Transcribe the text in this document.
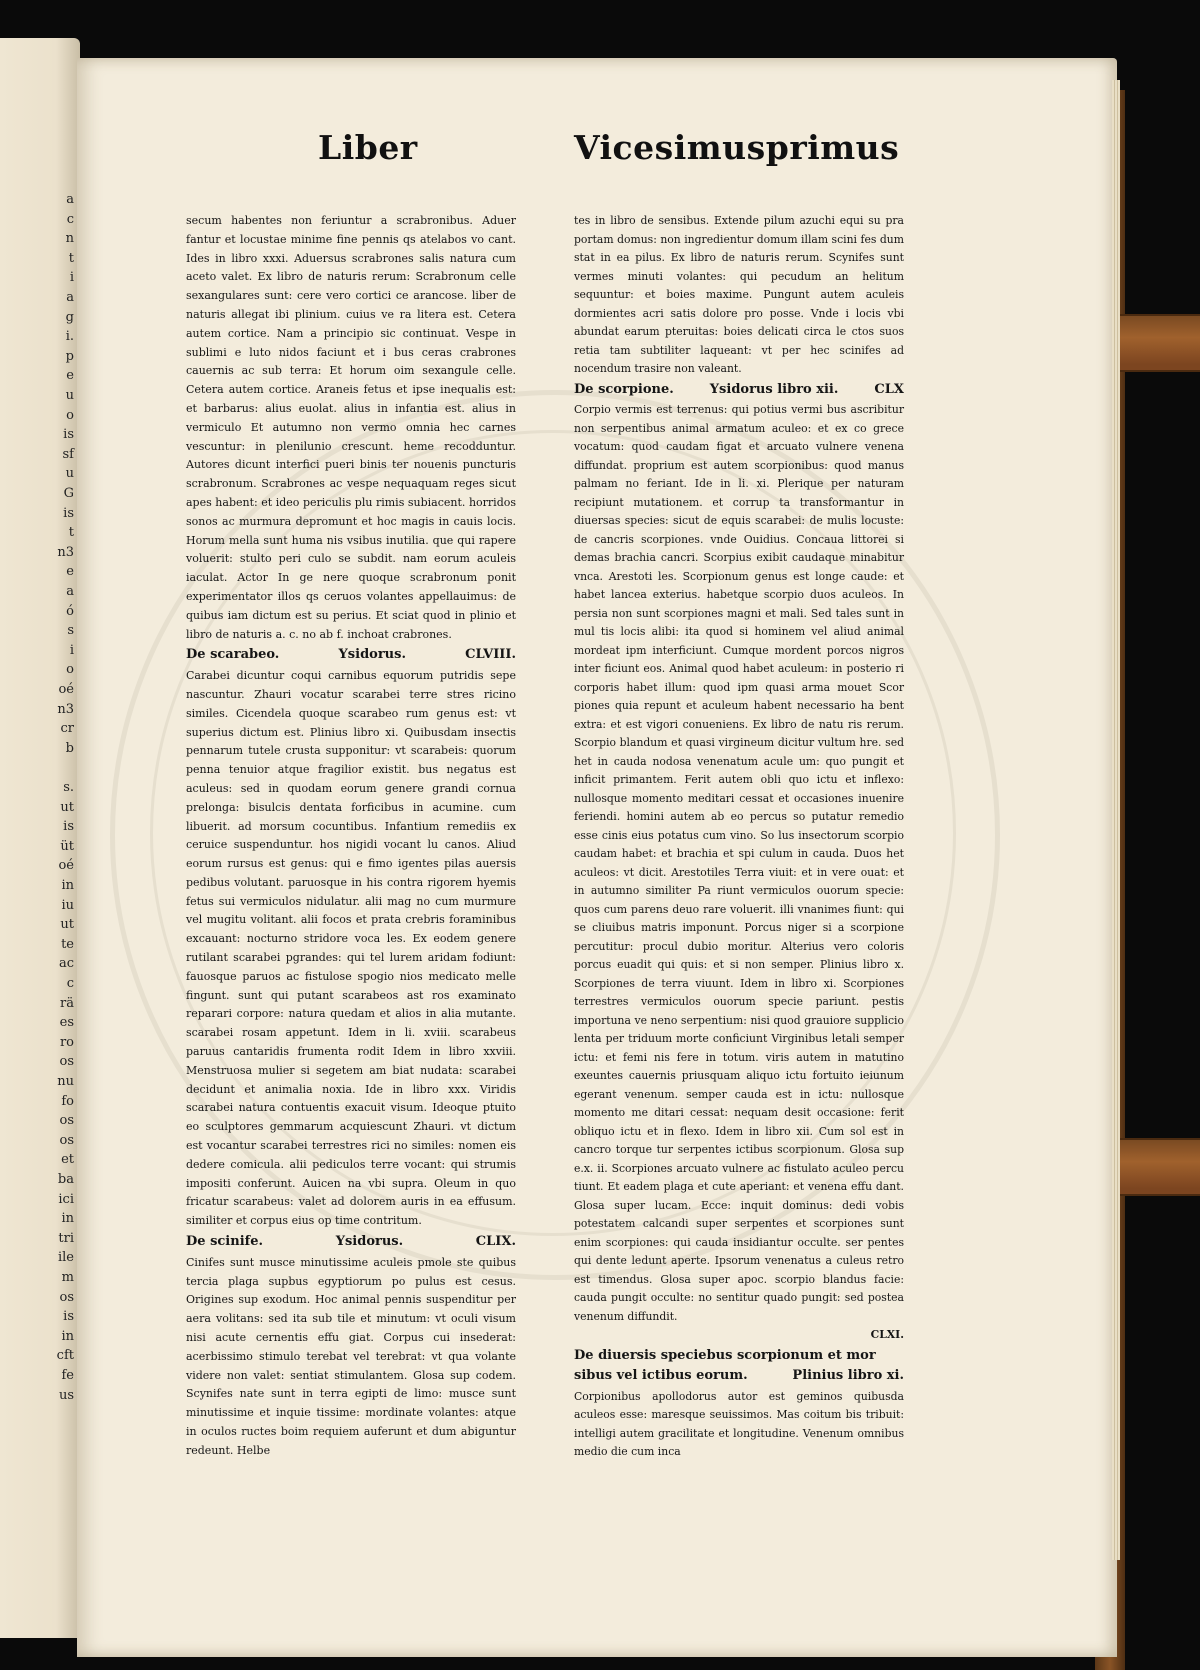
a
c
n
t
i
a
g
i.
p
e
u
o
is
sf
u
G
is
t
n3
e
a
ó
s
i
o
oé
n3
cr
b
s.
ut
is
üt
oé
in
iu
ut
te
ac
c
rä
es
ro
os
nu
fo
os
os
et
ba
ici
in
tri
ile
m
os
is
in
cft
fe
us
Liber	Vicesimusprimus

secum habentes non feriuntur a scrabronibus. Aduer fantur et locustae minime fine pennis qs atelabos vo cant. Ides in libro xxxi. Aduersus scrabrones salis natura cum aceto valet. Ex libro de naturis rerum: Scrabronum celle sexangulares sunt: cere vero cortici ce arancose. liber de naturis allegat ibi plinium. cuius ve ra litera est. Cetera autem cortice. Nam a principio sic continuat. Vespe in sublimi e luto nidos faciunt et i bus ceras crabrones cauernis ac sub terra: Et horum oim sexangule celle. Cetera autem cortice. Araneis fetus et ipse inequalis est: et barbarus: alius euolat. alius in infantia est. alius in vermiculo Et autumno non vermo omnia hec carnes vescuntur: in plenilunio crescunt. heme recodduntur. Autores dicunt interfici pueri binis ter nouenis puncturis scrabronum. Scrabrones ac vespe nequaquam reges sicut apes habent: et ideo periculis plu rimis subiacent. horridos sonos ac murmura depromunt et hoc magis in cauis locis. Horum mella sunt huma nis vsibus inutilia. que qui rapere voluerit: stulto peri culo se subdit. nam eorum aculeis iaculat. Actor In ge nere quoque scrabronum ponit experimentator illos qs ceruos volantes appellauimus: de quibus iam dictum est su perius. Et sciat quod in plinio et libro de naturis a. c. no ab f. inchoat crabrones.

De scarabeo.	Ysidorus.	CLVIII.

Carabei dicuntur coqui carnibus equorum putridis sepe nascuntur. Zhauri vocatur scarabei terre stres ricino similes. Cicendela quoque scarabeo rum genus est: vt superius dictum est. Plinius libro xi. Quibusdam insectis pennarum tutele crusta supponitur: vt scarabeis: quorum penna tenuior atque fragilior existit. bus negatus est aculeus: sed in quodam eorum genere grandi cornua prelonga: bisulcis dentata forficibus in acumine. cum libuerit. ad morsum cocuntibus. Infantium remediis ex ceruice suspenduntur. hos nigidi vocant lu canos. Aliud eorum rursus est genus: qui e fimo igentes pilas auersis pedibus volutant. paruosque in his contra rigorem hyemis fetus sui vermiculos nidulatur. alii mag no cum murmure vel mugitu volitant. alii focos et prata crebris foraminibus excauant: nocturno stridore voca les. Ex eodem genere rutilant scarabei pgrandes: qui tel lurem aridam fodiunt: fauosque paruos ac fistulose spogio nios medicato melle fingunt. sunt qui putant scarabeos ast ros examinato reparari corpore: natura quedam et alios in alia mutante. scarabei rosam appetunt. Idem in li. xviii. scarabeus paruus cantaridis frumenta rodit Idem in libro xxviii. Menstruosa mulier si segetem am biat nudata: scarabei decidunt et animalia noxia. Ide in libro xxx. Viridis scarabei natura contuentis exacuit visum. Ideoque ptuito eo sculptores gemmarum acquiescunt Zhauri. vt dictum est vocantur scarabei terrestres rici no similes: nomen eis dedere comicula. alii pediculos terre vocant: qui strumis impositi conferunt. Auicen na vbi supra. Oleum in quo fricatur scarabeus: valet ad dolorem auris in ea effusum. similiter et corpus eius op time contritum.

De scinife.	Ysidorus.	CLIX.

Cinifes sunt musce minutissime aculeis pmole ste quibus tercia plaga supbus egyptiorum po pulus est cesus. Origines sup exodum. Hoc animal pennis suspenditur per aera volitans: sed ita sub tile et minutum: vt oculi visum nisi acute cernentis effu giat. Corpus cui insederat: acerbissimo stimulo terebat vel terebrat: vt qua volante videre non valet: sentiat stimulantem. Glosa sup codem. Scynifes nate sunt in terra egipti de limo: musce sunt minutissime et inquie tissime: mordinate volantes: atque in oculos ructes boim requiem auferunt et dum abiguntur redeunt. Helbe

tes in libro de sensibus. Extende pilum azuchi equi su pra portam domus: non ingredientur domum illam scini fes dum stat in ea pilus. Ex libro de naturis rerum. Scynifes sunt vermes minuti volantes: qui pecudum an helitum sequuntur: et boies maxime. Pungunt autem aculeis dormientes acri satis dolore pro posse. Vnde i locis vbi abundat earum pteruitas: boies delicati circa le ctos suos retia tam subtiliter laqueant: vt per hec scinifes ad nocendum trasire non valeant.

De scorpione.	Ysidorus libro xii.	CLX

Corpio vermis est terrenus: qui potius vermi bus ascribitur non serpentibus animal armatum aculeo: et ex co grece vocatum: quod caudam figat et arcuato vulnere venena diffundat. proprium est autem scorpionibus: quod manus palmam no feriant. Ide in li. xi. Plerique per naturam recipiunt mutationem. et corrup ta transformantur in diuersas species: sicut de equis scarabei: de mulis locuste: de cancris scorpiones. vnde Ouidius. Concaua littorei si demas brachia cancri. Scorpius exibit caudaque minabitur vnca. Arestoti les. Scorpionum genus est longe caude: et habet lancea exterius. habetque scorpio duos aculeos. In persia non sunt scorpiones magni et mali. Sed tales sunt in mul tis locis alibi: ita quod si hominem vel aliud animal mordeat ipm interficiunt. Cumque mordent porcos nigros inter ficiunt eos. Animal quod habet aculeum: in posterio ri corporis habet illum: quod ipm quasi arma mouet Scor piones quia repunt et aculeum habent necessario ha bent extra: et est vigori conueniens. Ex libro de natu ris rerum. Scorpio blandum et quasi virgineum dicitur vultum hre. sed het in cauda nodosa venenatum acule um: quo pungit et inficit primantem. Ferit autem obli quo ictu et inflexo: nullosque momento meditari cessat et occasiones inuenire feriendi. homini autem ab eo percus so putatur remedio esse cinis eius potatus cum vino. So lus insectorum scorpio caudam habet: et brachia et spi culum in cauda. Duos het aculeos: vt dicit. Arestotiles Terra viuit: et in vere ouat: et in autumno similiter Pa riunt vermiculos ouorum specie: quos cum parens deuo rare voluerit. illi vnanimes fiunt: qui se cliuibus matris imponunt. Porcus niger si a scorpione percutitur: procul dubio moritur. Alterius vero coloris porcus euadit qui quis: et si non semper. Plinius libro x. Scorpiones de terra viuunt. Idem in libro xi. Scorpiones terrestres vermiculos ouorum specie pariunt. pestis importuna ve neno serpentium: nisi quod grauiore supplicio lenta per triduum morte conficiunt Virginibus letali semper ictu: et femi nis fere in totum. viris autem in matutino exeuntes cauernis priusquam aliquo ictu fortuito ieiunum egerant venenum. semper cauda est in ictu: nullosque momento me ditari cessat: nequam desit occasione: ferit obliquo ictu et in flexo. Idem in libro xii. Cum sol est in cancro torque tur serpentes ictibus scorpionum. Glosa sup e.x. ii. Scorpiones arcuato vulnere ac fistulato aculeo percu tiunt. Et eadem plaga et cute aperiant: et venena effu dant. Glosa super lucam. Ecce: inquit dominus: dedi vobis potestatem calcandi super serpentes et scorpiones sunt enim scorpiones: qui cauda insidiantur occulte. ser pentes qui dente ledunt aperte. Ipsorum venenatus a culeus retro est timendus. Glosa super apoc. scorpio blandus facie: cauda pungit occulte: no sentitur quado pungit: sed postea venenum diffundit.

CLXI.
De diuersis speciebus scorpionum et mor
sibus vel ictibus eorum.	Plinius libro xi.

Corpionibus apollodorus autor est geminos quibusda aculeos esse: maresque seuissimos. Mas coitum bis tribuit: intelligi autem gracilitate et longitudine. Venenum omnibus medio die cum inca
